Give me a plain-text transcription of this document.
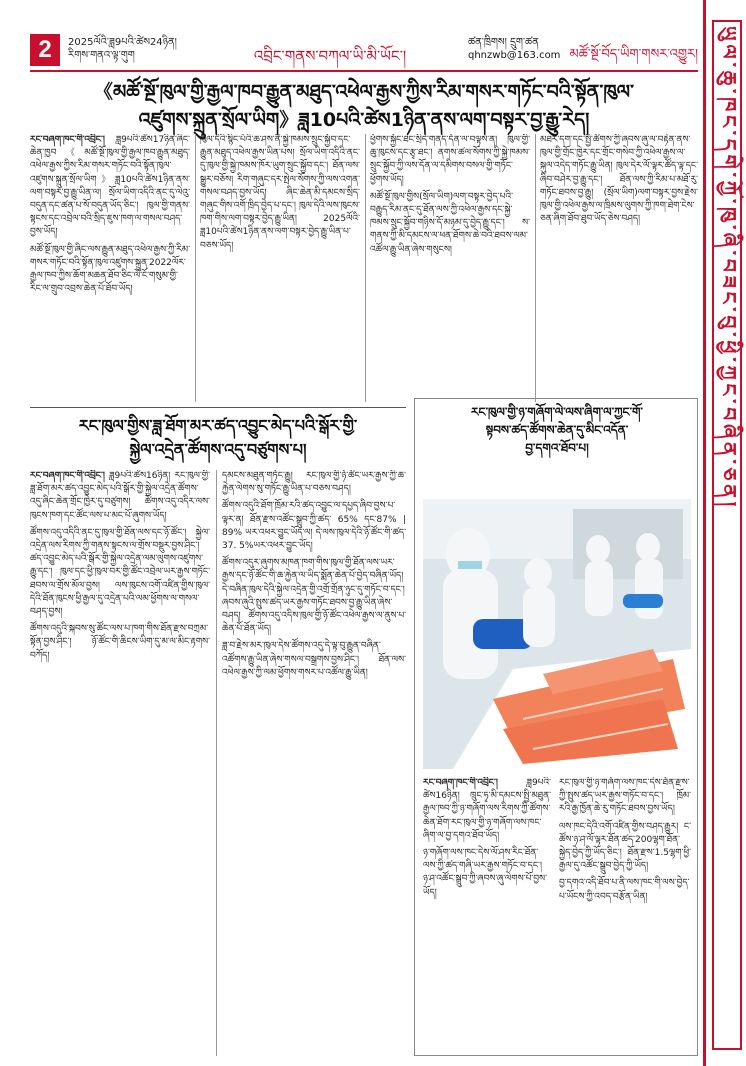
2	2025ལོའི་ཟླ9པའི་ཚེས24ཉིན།
རིགས་གནའ་ལྟ་གུག	འབྲིང་གནས་བཀལ་ཡི་མི་ཡོང་།
ཚན་ཁྲིགས། དྲུག་ཚན
qhnzwb@163.com མཚོ་སྔོ་བོད་ཡིག་གསར་འགྱུར།
《མཚོ་སྔོ་ཁུལ་གྱི་རྒྱལ་ཁབ་རྒྱུན་མཐུད་འཕེལ་རྒྱས་ཀྱིས་རིམ་གསར་གཏོང་བའི་སྟོན་ཁུལ་
འཛུགས་སྐྲུན་སྲོལ་ཡིག》ཟླ10པའི་ཚེས1ཉིན་ནས་ལག་བསྟར་བྱ་རྒྱུ་རེད།

རང་བཞག་ཁང་གི་འབྲིང་། ཟླ9པའི་ཚེས17ཉིན་ཞིང་ཆེན་ཁྱབ《མཚོ་སྔོ་ཁུལ་གྱི་རྒྱལ་ཁབ་རྒྱུན་མཐུད་འཕེལ་རྒྱས་ཀྱིས་རིམ་གསར་གཏོང་བའི་སྟོན་ཁུལ་འཛུགས་སྐྲུན་སྲོལ་ཡིག》ཟླ10པའི་ཚེས1ཉིན་ནས་ལག་བསྟར་བྱ་རྒྱུ་ཡིན་ལ། སྲོལ་ཡིག་འདིའི་ནང་དུ་ལེའུ་བདུན་དང་ཚན་པ་སོ་བདུན་ཡོད་ཅིང་། ཁུལ་གྱི་གནས་སྟངས་དང་འབྲེལ་བའི་སྲིད་ཇུས་ཁག་ལ་གསལ་བཤད་བྱས་ཡོད།

མཚོ་སྔོ་ཁུལ་གྱི་ཞིང་ལས་རྒྱུན་མཐུད་འཕེལ་རྒྱས་ཀྱི་རིམ་གསར་གཏོང་བའི་སྟོན་ཁུལ་འཛུགས་སྐྲུན་2022ལོར་རྒྱལ་ཁབ་ཀྱིས་ཆོག་མཆན་ཐོབ་ཅིང་ལོ་ངོ་གསུམ་གྱི་རིང་ལ་གྲུབ་འབྲས་ཆེན་པོ་ཐོབ་ཡོད།

ཁུལ་དེའི་སྙིང་པོའི་ཆ་ཤས་ནི་སྐྱེ་ཁམས་སྲུང་སྐྱོབ་དང་རྒྱུན་མཐུད་འཕེལ་རྒྱས་ཡིན་པས། སྲོལ་ཡིག་འདིའི་ནང་དུ་ཁུལ་གྱི་སྐྱེ་ཁམས་ཁོར་ཡུག་སྲུང་སྐྱོབ་དང་། ཐོན་ལས་སྒྱུར་བཅོས། རིག་གཞུང་དར་སྤེལ་སོགས་ཀྱི་ལས་འགན་གསལ་བཤད་བྱས་ཡོད། ཞིང་ཆེན་མི་དམངས་སྲིད་གཞུང་གིས་འགོ་ཁྲིད་བྱེད་པ་དང་། ཁུལ་དེའི་ལས་ཁུངས་ཁག་གིས་ལག་བསྟར་བྱེད་རྒྱུ་ཡིན། 2025ལོའི་ཟླ10པའི་ཚེས1ཉིན་ནས་ལག་བསྟར་བྱེད་རྒྱུ་ཡིན་པ་བཅས་ཡོད།

ཕྱོགས་སྐྱོང་ཐང་སྲིད་གནད་དོན་ལ་བལྟས་ན། ཁུལ་གྱི་ཆུ་ཁུངས་དང་རྩྭ་ཐང་། ནགས་ཚལ་སོགས་ཀྱི་སྐྱེ་ཁམས་སྲུང་སྐྱོབ་ཀྱི་ལས་དོན་ལ་དམིགས་བསལ་གྱི་གཏོང་ཕྱོགས་ཡོད།

མཚོ་སྔོ་ཁུལ་གྱིས(སྲོལ་ཡིག)ལག་བསྟར་བྱེད་པའི་བརྒྱུད་རིམ་ནང་དུ་ཐོན་ལས་ཀྱི་འཕེལ་རྒྱས་དང་སྐྱེ་ཁམས་སྲུང་སྐྱོབ་གཉིས་དོ་མཉམ་དུ་བྱེད་རྒྱུ་དང་། ས་གནས་ཀྱི་མི་དམངས་ལ་ཕན་ཐོགས་ཆེ་བའི་ཐབས་ལམ་འཚོལ་རྒྱུ་ཡིན་ཞེས་གསུངས།

མཐར་དག་དང་སྤྱི་ཚོགས་ཀྱི་ཞབས་ཞུ་ལ་བརྟེན་ནས་ཁུལ་གྱི་གྲོང་ཁྱེར་དང་གྲོང་གསེབ་ཀྱི་འཕེལ་རྒྱས་ལ་སྐུལ་འདེད་གཏོང་རྒྱུ་ཡིན། ཁུལ་དེར་ལོ་ལྟར་ཚོད་ལྟ་དང་ཞིབ་བཤེར་བྱ་རྒྱུ་དང་། ཐོན་ལས་ཀྱི་རིམ་པ་མཐོ་རུ་གཏོང་ཐབས་བྱ་རྒྱུ། (སྲོལ་ཡིག)ལག་བསྟར་བྱས་རྗེས་ཁུལ་གྱི་འཕེལ་རྒྱས་ལ་ཁྲིམས་ལུགས་ཀྱི་ཁག་ཐེག་ངེས་ཅན་ཞིག་ཐོབ་ཐུབ་ཡོད་ཅེས་བཤད།

རང་ཁུལ་གྱིས་ཟླ་ཐོག་མར་ཚད་འབྱུང་མེད་པའི་སྒོར་གྱི་
སྐྱེལ་འདྲེན་ཚོགས་འདུ་བཙུགས་པ།

རང་བཞག་ཁང་གི་འབྲིང་། ཟླ9པའི་ཚེས16ཉིན། རང་ཁུལ་གྱི་ཟླ་ཐོག་མར་ཚད་འབྱུང་མེད་པའི་སྒོར་གྱི་སྐྱེལ་འདྲེན་ཚོགས་འདུ་ཞིང་ཆེན་གྲོང་ཁྱེར་དུ་བཙུགས། ཚོགས་འདུ་འདིར་ལས་ཁུངས་ཁག་དང་ཚོང་ལས་པ་མང་པོ་ཞུགས་ཡོད།

ཚོགས་འདུ་འདིའི་ནང་དུ་ཁུལ་གྱི་ཐོན་ལས་དང་ཉོ་ཚོང་། སྐྱེལ་འདྲེན་ལས་རིགས་ཀྱི་གནས་སྟངས་ལ་གྲོས་བསྡུར་བྱས་ཤིང་། ཚད་འབྱུང་མེད་པའི་སྒོར་གྱི་སྐྱེལ་འདྲེན་ལམ་ལུགས་འཛུགས་རྒྱུ་དང་། ཁུལ་དང་ཕྱི་ཁུལ་བར་གྱི་ཚོང་འབྲེལ་ཡར་རྒྱས་གཏོང་ཐབས་ལ་གྲོས་མོལ་བྱས། ལས་ཁུངས་འགོ་འཛིན་གྱིས་ཁུལ་དེའི་ཐོན་ཁུངས་ཕྱི་རྒྱལ་དུ་འདྲེན་པའི་ལམ་ཕྱོགས་ལ་གསལ་བཤད་བྱས།

ཚོགས་འདུའི་སྐབས་སུ་ཚོང་ལས་པ་ཁག་གིས་ཐོན་རྫས་བཀྲམ་སྟོན་བྱས་ཤིང་། ཉོ་ཚོང་གི་ཆིངས་ཡིག་དུ་མ་ལ་མིང་རྟགས་བཀོད།

དམངས་མཐུན་གཏོང་རྒྱུ། རང་ཁུལ་གྱི་ཉོ་ཚོང་ཡར་རྒྱས་ཀྱི་ཆ་རྐྱེན་ལེགས་སུ་གཏོང་རྒྱུ་ཡིན་པ་བཅས་བཤད།

ཚོགས་འདུའི་ཐོག་ཁྲོམ་རའི་ཚད་འབྱུང་ལ་དཔྱད་ཞིབ་བྱས་པ་ལྟར་ན། ཐོན་རྫས་འཚོང་སྒྲུབ་ཀྱི་ཚད་ 65% དང་87% | 89% ཡར་འཕར་བྱུང་ཡོད་ལ། དེ་ལས་ཁུལ་དེའི་ཉོ་ཚོང་གི་ཚད་ 37. 5%ཡར་འཕར་བྱུང་ཡོད།

ཚོགས་འདུར་ཞུགས་མཁན་ཁག་གིས་ཁུལ་གྱི་ཐོན་ལས་ཡར་རྒྱས་དང་ཉོ་ཚོང་གི་ཆ་རྐྱེན་ལ་ཡིད་སྨོན་ཆེན་པོ་བྱེད་བཞིན་ཡོད། དེ་བཞིན་ཁུལ་དེའི་སྐྱེལ་འདྲེན་གྱི་འགྲོ་གྲོན་ཉུང་དུ་གཏོང་བ་དང་། ཞབས་ཞུའི་སྤུས་ཚད་ཡར་རྒྱས་གཏོང་ཐབས་བྱ་རྒྱུ་ཡིན་ཞེས་བཤད། ཚོགས་འདུ་འདིས་ཁུལ་གྱི་ཉོ་ཚོང་འཕེལ་རྒྱས་ལ་ནུས་པ་ཆེན་པོ་ཐོན་ཡོད།

ཟླ་བ་རྗེས་མར་ཁུལ་དེས་ཚོགས་འདུ་དེ་ལྟ་བུ་རྒྱུན་བཞིན་འཚོགས་རྒྱུ་ཡིན་ཞེས་གསལ་བསྒྲགས་བྱས་ཤིང་། ཐོན་ལས་འཕེལ་རྒྱས་ཀྱི་ལམ་ཕྱོགས་གསར་པ་འཚོལ་རྒྱུ་ཡིན།

རང་ཁུལ་གྱི་ཉ་གཞོག་ལེ་ལས་ཞིག་ལ་ཀྱང་གོ་
སྟབས་ཚད་ཚོགས་ཆེན་དུ་མིང་འདོན་
བྱ་དགའ་ཐོབ་པ།

རང་བཞག་ཁང་གི་འབྲིང་། ཟླ9པའི་ཚེས16ཉིན། ཁྲུང་ཧྭ་མི་དམངས་སྤྱི་མཐུན་རྒྱལ་ཁབ་ཀྱི་ཉ་གཞོག་ལས་རིགས་ཀྱི་ཚོགས་ཆེན་ཐོག་རང་ཁུལ་གྱི་ཉ་གཞོག་ལས་ཁང་ཞིག་ལ་བྱ་དགའ་ཐོབ་ཡོད།

ཉ་གཞོག་ལས་ཁང་དེས་ལོ་ཤས་རིང་ཐོན་ལས་ཀྱི་ཚད་གཞི་ཡར་རྒྱས་གཏོང་བ་དང་། ཉ་ཤ་འཚོང་སྒྲུབ་ཀྱི་ཞབས་ཞུ་ལེགས་པོ་བྱས་ཡོད།

རང་ཁུལ་གྱི་ཉ་གཞོག་ལས་ཁང་དེས་ཐོན་རྫས་ཀྱི་སྤུས་ཚད་ཡར་རྒྱས་གཏོང་བ་དང་། ཁྲོམ་རའི་རྒྱ་ཁྱོན་ཆེ་རུ་གཏོང་ཐབས་བྱས་ཡོད།

ལས་ཁང་དེའི་འགོ་འཛིན་གྱིས་བཤད་རྒྱུར། ང་ཚོས་ཉ་ཤ་ལོ་ལྟར་ཐོན་ཚད་200ལྷག་ཐོན་སྐྱེད་བྱེད་ཀྱི་ཡོད་ཅིང་། ཐོན་རྫས་1.5ལྷག་ཕྱི་རྒྱལ་དུ་འཚོང་སྒྲུབ་བྱེད་ཀྱི་ཡོད།

བྱ་དགའ་འདི་ཐོབ་པ་ནི་ལས་ཁང་གི་ལས་བྱེད་པ་ཡོངས་ཀྱི་འབད་བརྩོན་ཡིན།

ཡུལ་ཆུ་ཁང་དགེ་ཀྱོ་ཁུ་ཞི་བཟང་བུ་ཕྱི་ཀྱང་བཞིན་ཅན།
